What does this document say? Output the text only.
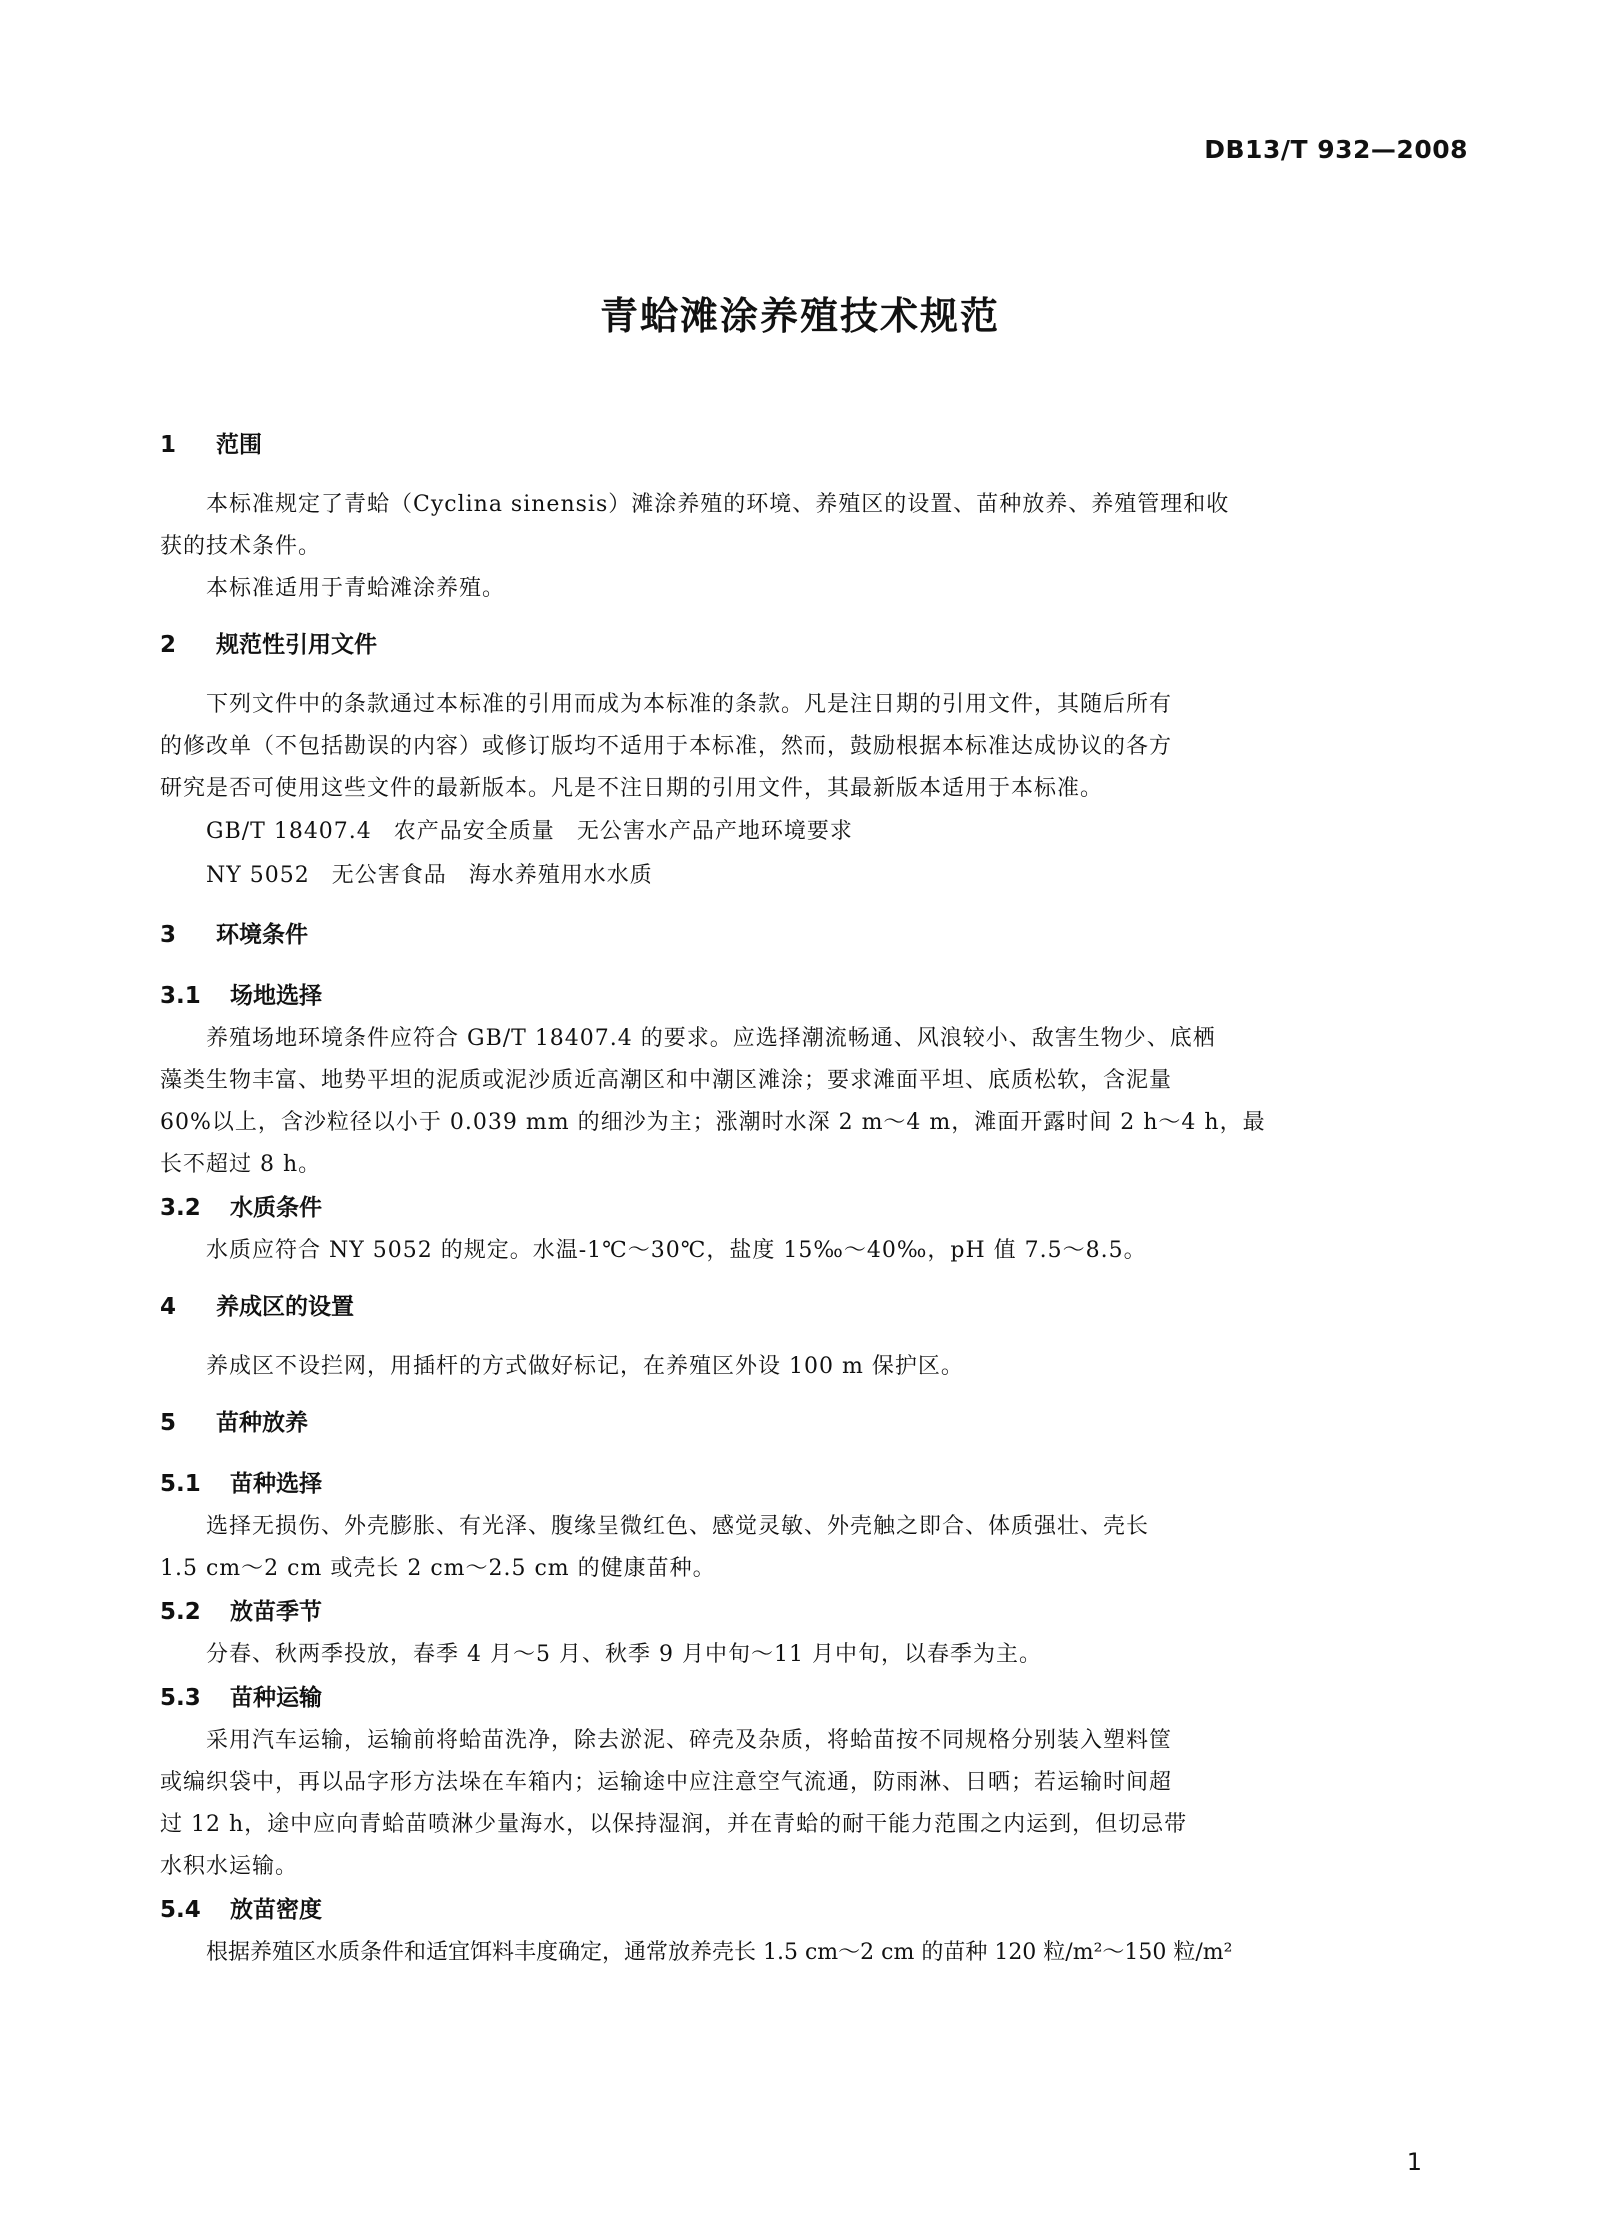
DB13/T 932—2008
青蛤滩涂养殖技术规范
1 范围
本标准规定了青蛤（Cyclina sinensis）滩涂养殖的环境、养殖区的设置、苗种放养、养殖管理和收
获的技术条件。
本标准适用于青蛤滩涂养殖。
2 规范性引用文件
下列文件中的条款通过本标准的引用而成为本标准的条款。凡是注日期的引用文件，其随后所有
的修改单（不包括勘误的内容）或修订版均不适用于本标准，然而，鼓励根据本标准达成协议的各方
研究是否可使用这些文件的最新版本。凡是不注日期的引用文件，其最新版本适用于本标准。
GB/T 18407.4 农产品安全质量 无公害水产品产地环境要求
NY 5052 无公害食品 海水养殖用水水质
3 环境条件
3.1 场地选择
养殖场地环境条件应符合 GB/T 18407.4 的要求。应选择潮流畅通、风浪较小、敌害生物少、底栖
藻类生物丰富、地势平坦的泥质或泥沙质近高潮区和中潮区滩涂；要求滩面平坦、底质松软，含泥量
60%以上，含沙粒径以小于 0.039 mm 的细沙为主；涨潮时水深 2 m～4 m，滩面开露时间 2 h～4 h，最
长不超过 8 h。
3.2 水质条件
水质应符合 NY 5052 的规定。水温-1℃～30℃，盐度 15‰～40‰，pH 值 7.5～8.5。
4 养成区的设置
养成区不设拦网，用插杆的方式做好标记，在养殖区外设 100 m 保护区。
5 苗种放养
5.1 苗种选择
选择无损伤、外壳膨胀、有光泽、腹缘呈微红色、感觉灵敏、外壳触之即合、体质强壮、壳长
1.5 cm～2 cm 或壳长 2 cm～2.5 cm 的健康苗种。
5.2 放苗季节
分春、秋两季投放，春季 4 月～5 月、秋季 9 月中旬～11 月中旬，以春季为主。
5.3 苗种运输
采用汽车运输，运输前将蛤苗洗净，除去淤泥、碎壳及杂质，将蛤苗按不同规格分别装入塑料筐
或编织袋中，再以品字形方法垛在车箱内；运输途中应注意空气流通，防雨淋、日晒；若运输时间超
过 12 h，途中应向青蛤苗喷淋少量海水，以保持湿润，并在青蛤的耐干能力范围之内运到，但切忌带
水积水运输。
5.4 放苗密度
根据养殖区水质条件和适宜饵料丰度确定，通常放养壳长 1.5 cm～2 cm 的苗种 120 粒/m²～150 粒/m²
1
